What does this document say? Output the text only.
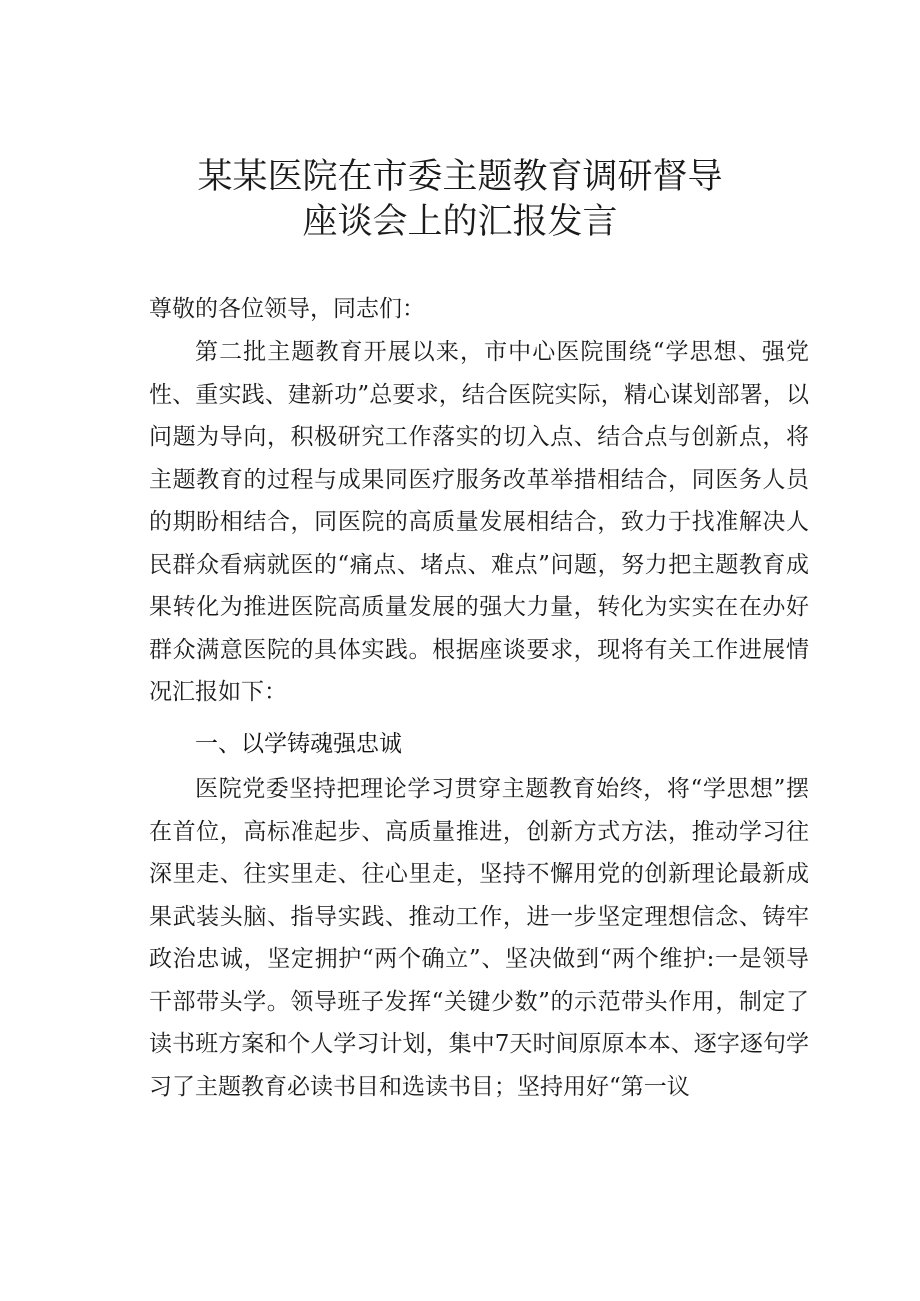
某某医院在市委主题教育调研督导
座谈会上的汇报发言

尊敬的各位领导，同志们：

第二批主题教育开展以来，市中心医院围绕“学思想、强党性、重实践、建新功”总要求，结合医院实际，精心谋划部署，以问题为导向，积极研究工作落实的切入点、结合点与创新点，将主题教育的过程与成果同医疗服务改革举措相结合，同医务人员的期盼相结合，同医院的高质量发展相结合，致力于找准解决人民群众看病就医的“痛点、堵点、难点”问题，努力把主题教育成果转化为推进医院高质量发展的强大力量，转化为实实在在办好群众满意医院的具体实践。根据座谈要求，现将有关工作进展情况汇报如下：

一、以学铸魂强忠诚

医院党委坚持把理论学习贯穿主题教育始终，将“学思想”摆在首位，高标准起步、高质量推进，创新方式方法，推动学习往深里走、往实里走、往心里走，坚持不懈用党的创新理论最新成果武装头脑、指导实践、推动工作，进一步坚定理想信念、铸牢政治忠诚，坚定拥护“两个确立”、坚决做到“两个维护:一是领导干部带头学。领导班子发挥“关键少数”的示范带头作用，制定了读书班方案和个人学习计划，集中7天时间原原本本、逐字逐句学习了主题教育必读书目和选读书目；坚持用好“第一议
